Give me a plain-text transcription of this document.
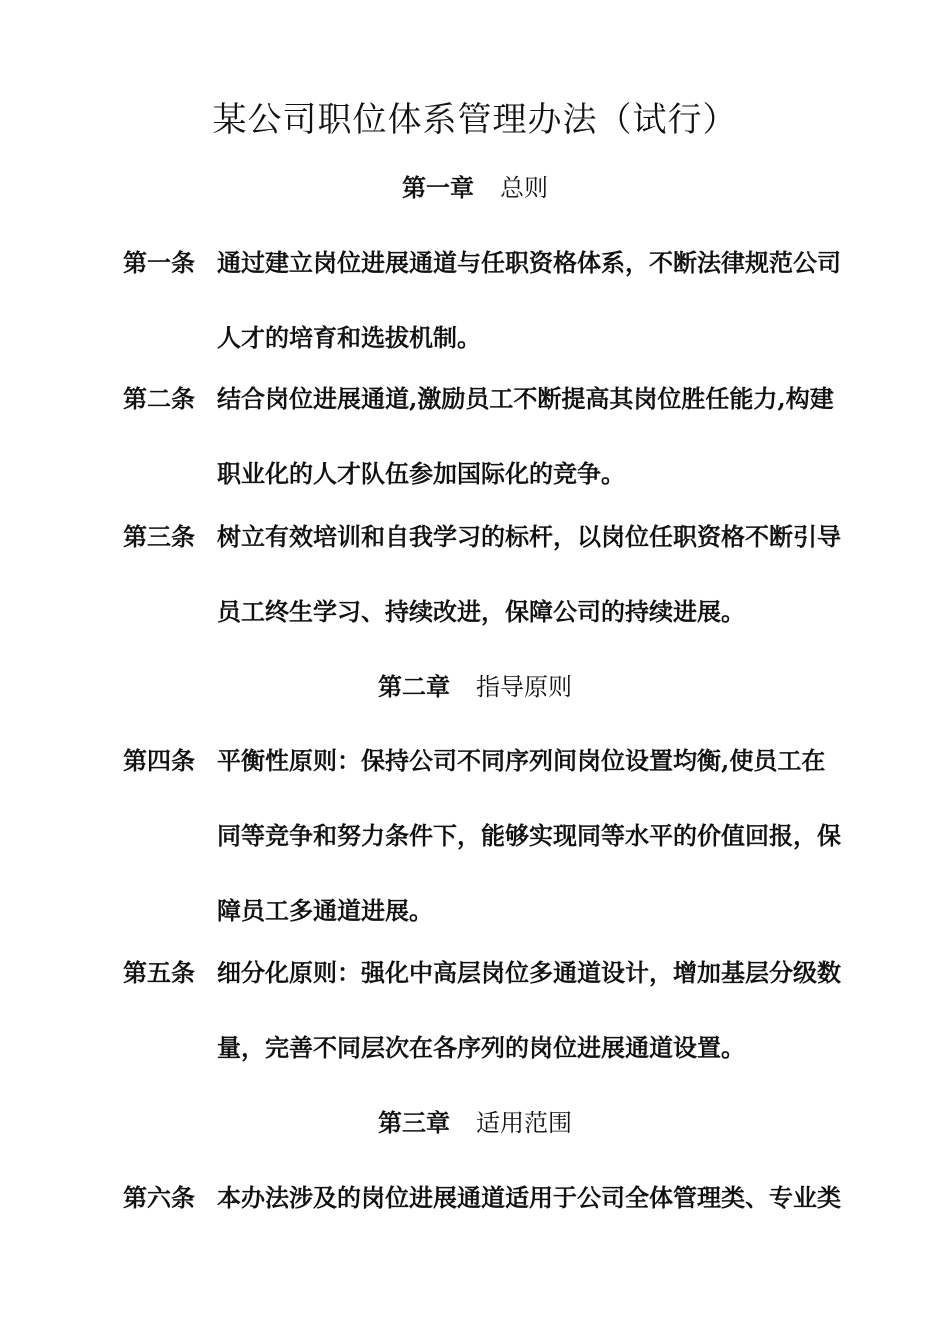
某公司职位体系管理办法（试行）
第一章 总则
第一条 通过建立岗位进展通道与任职资格体系，不断法律规范公司
人才的培育和选拔机制。
第二条 结合岗位进展通道,激励员工不断提高其岗位胜任能力,构建
职业化的人才队伍参加国际化的竞争。
第三条 树立有效培训和自我学习的标杆，以岗位任职资格不断引导
员工终生学习、持续改进，保障公司的持续进展。
第二章 指导原则
第四条 平衡性原则：保持公司不同序列间岗位设置均衡,使员工在
同等竞争和努力条件下，能够实现同等水平的价值回报，保
障员工多通道进展。
第五条 细分化原则：强化中高层岗位多通道设计，增加基层分级数
量，完善不同层次在各序列的岗位进展通道设置。
第三章 适用范围
第六条 本办法涉及的岗位进展通道适用于公司全体管理类、专业类
